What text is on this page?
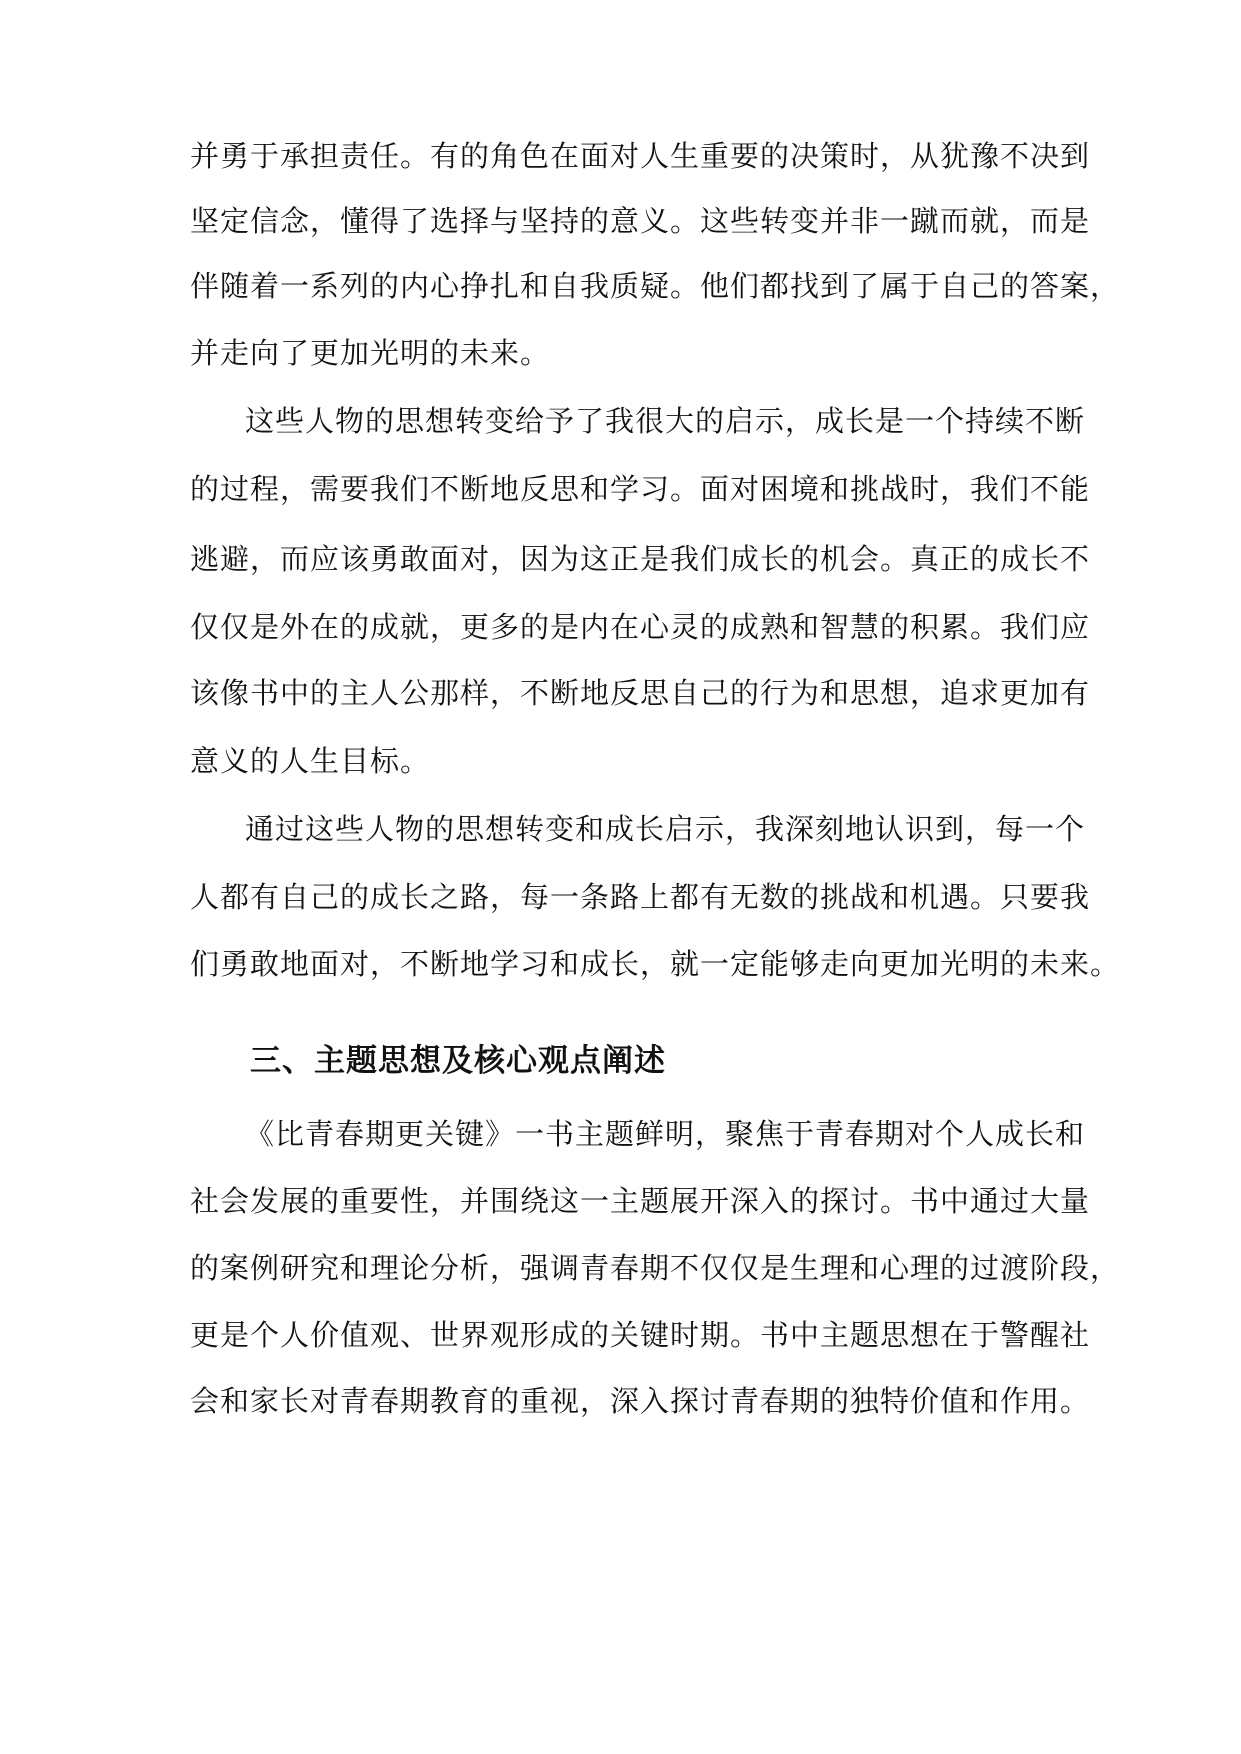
并勇于承担责任。有的角色在面对人生重要的决策时，从犹豫不决到
坚定信念，懂得了选择与坚持的意义。这些转变并非一蹴而就，而是
伴随着一系列的内心挣扎和自我质疑。他们都找到了属于自己的答案，
并走向了更加光明的未来。
这些人物的思想转变给予了我很大的启示，成长是一个持续不断
的过程，需要我们不断地反思和学习。面对困境和挑战时，我们不能
逃避，而应该勇敢面对，因为这正是我们成长的机会。真正的成长不
仅仅是外在的成就，更多的是内在心灵的成熟和智慧的积累。我们应
该像书中的主人公那样，不断地反思自己的行为和思想，追求更加有
意义的人生目标。
通过这些人物的思想转变和成长启示，我深刻地认识到，每一个
人都有自己的成长之路，每一条路上都有无数的挑战和机遇。只要我
们勇敢地面对，不断地学习和成长，就一定能够走向更加光明的未来。
三、主题思想及核心观点阐述
《比青春期更关键》一书主题鲜明，聚焦于青春期对个人成长和
社会发展的重要性，并围绕这一主题展开深入的探讨。书中通过大量
的案例研究和理论分析，强调青春期不仅仅是生理和心理的过渡阶段，
更是个人价值观、世界观形成的关键时期。书中主题思想在于警醒社
会和家长对青春期教育的重视，深入探讨青春期的独特价值和作用。
